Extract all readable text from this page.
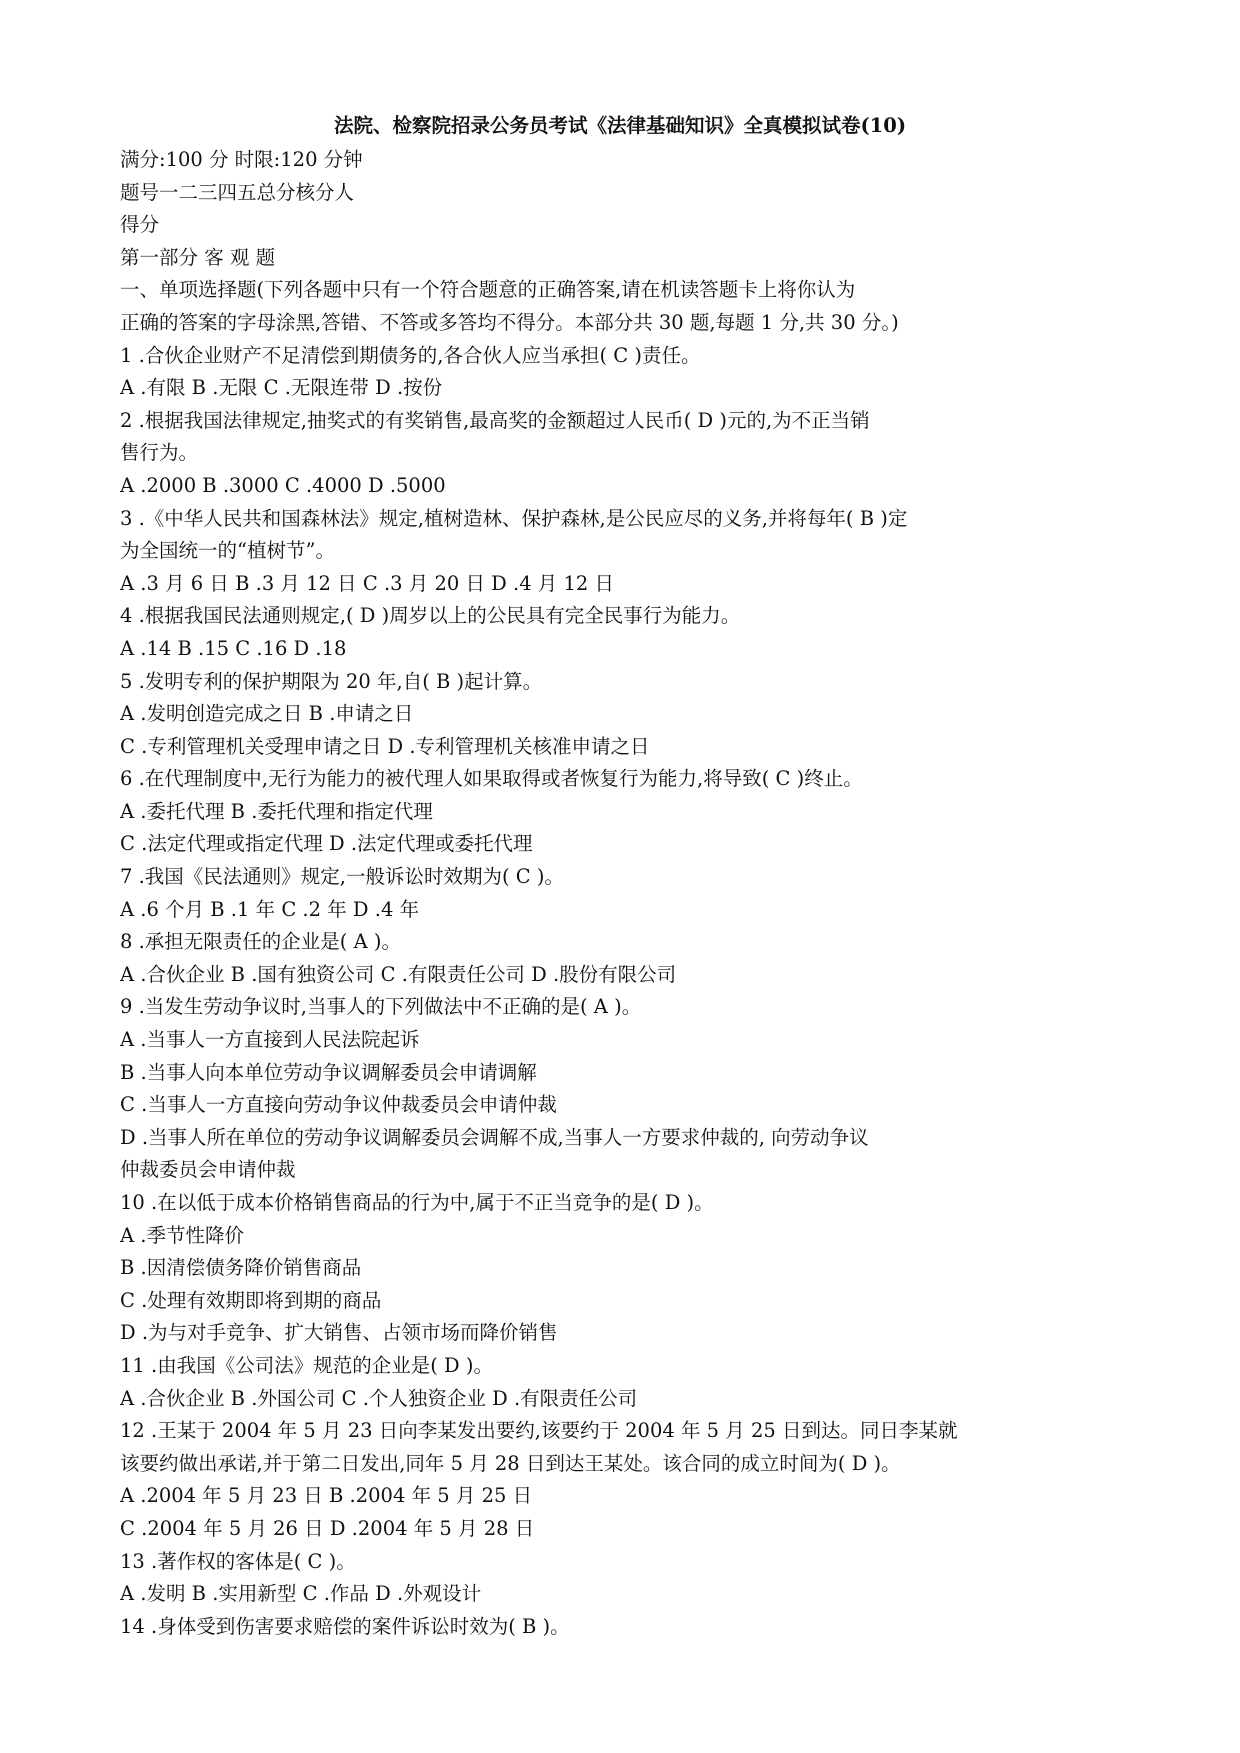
法院、检察院招录公务员考试《法律基础知识》全真模拟试卷(10)
满分:100 分 时限:120 分钟
题号一二三四五总分核分人
得分
第一部分 客 观 题
一、单项选择题(下列各题中只有一个符合题意的正确答案,请在机读答题卡上将你认为
正确的答案的字母涂黑,答错、不答或多答均不得分。本部分共 30 题,每题 1 分,共 30 分。)
1 .合伙企业财产不足清偿到期债务的,各合伙人应当承担( C )责任。
A .有限 B .无限 C .无限连带 D .按份
2 .根据我国法律规定,抽奖式的有奖销售,最高奖的金额超过人民币( D )元的,为不正当销
售行为。
A .2000 B .3000 C .4000 D .5000
3 .《中华人民共和国森林法》规定,植树造林、保护森林,是公民应尽的义务,并将每年( B )定
为全国统一的“植树节”。
A .3 月 6 日 B .3 月 12 日 C .3 月 20 日 D .4 月 12 日
4 .根据我国民法通则规定,( D )周岁以上的公民具有完全民事行为能力。
A .14 B .15 C .16 D .18
5 .发明专利的保护期限为 20 年,自( B )起计算。
A .发明创造完成之日 B .申请之日
C .专利管理机关受理申请之日 D .专利管理机关核准申请之日
6 .在代理制度中,无行为能力的被代理人如果取得或者恢复行为能力,将导致( C )终止。
A .委托代理 B .委托代理和指定代理
C .法定代理或指定代理 D .法定代理或委托代理
7 .我国《民法通则》规定,一般诉讼时效期为( C )。
A .6 个月 B .1 年 C .2 年 D .4 年
8 .承担无限责任的企业是( A )。
A .合伙企业 B .国有独资公司 C .有限责任公司 D .股份有限公司
9 .当发生劳动争议时,当事人的下列做法中不正确的是( A )。
A .当事人一方直接到人民法院起诉
B .当事人向本单位劳动争议调解委员会申请调解
C .当事人一方直接向劳动争议仲裁委员会申请仲裁
D .当事人所在单位的劳动争议调解委员会调解不成,当事人一方要求仲裁的, 向劳动争议
仲裁委员会申请仲裁
10 .在以低于成本价格销售商品的行为中,属于不正当竞争的是( D )。
A .季节性降价
B .因清偿债务降价销售商品
C .处理有效期即将到期的商品
D .为与对手竞争、扩大销售、占领市场而降价销售
11 .由我国《公司法》规范的企业是( D )。
A .合伙企业 B .外国公司 C .个人独资企业 D .有限责任公司
12 .王某于 2004 年 5 月 23 日向李某发出要约,该要约于 2004 年 5 月 25 日到达。同日李某就
该要约做出承诺,并于第二日发出,同年 5 月 28 日到达王某处。该合同的成立时间为( D )。
A .2004 年 5 月 23 日 B .2004 年 5 月 25 日
C .2004 年 5 月 26 日 D .2004 年 5 月 28 日
13 .著作权的客体是( C )。
A .发明 B .实用新型 C .作品 D .外观设计
14 .身体受到伤害要求赔偿的案件诉讼时效为( B )。
